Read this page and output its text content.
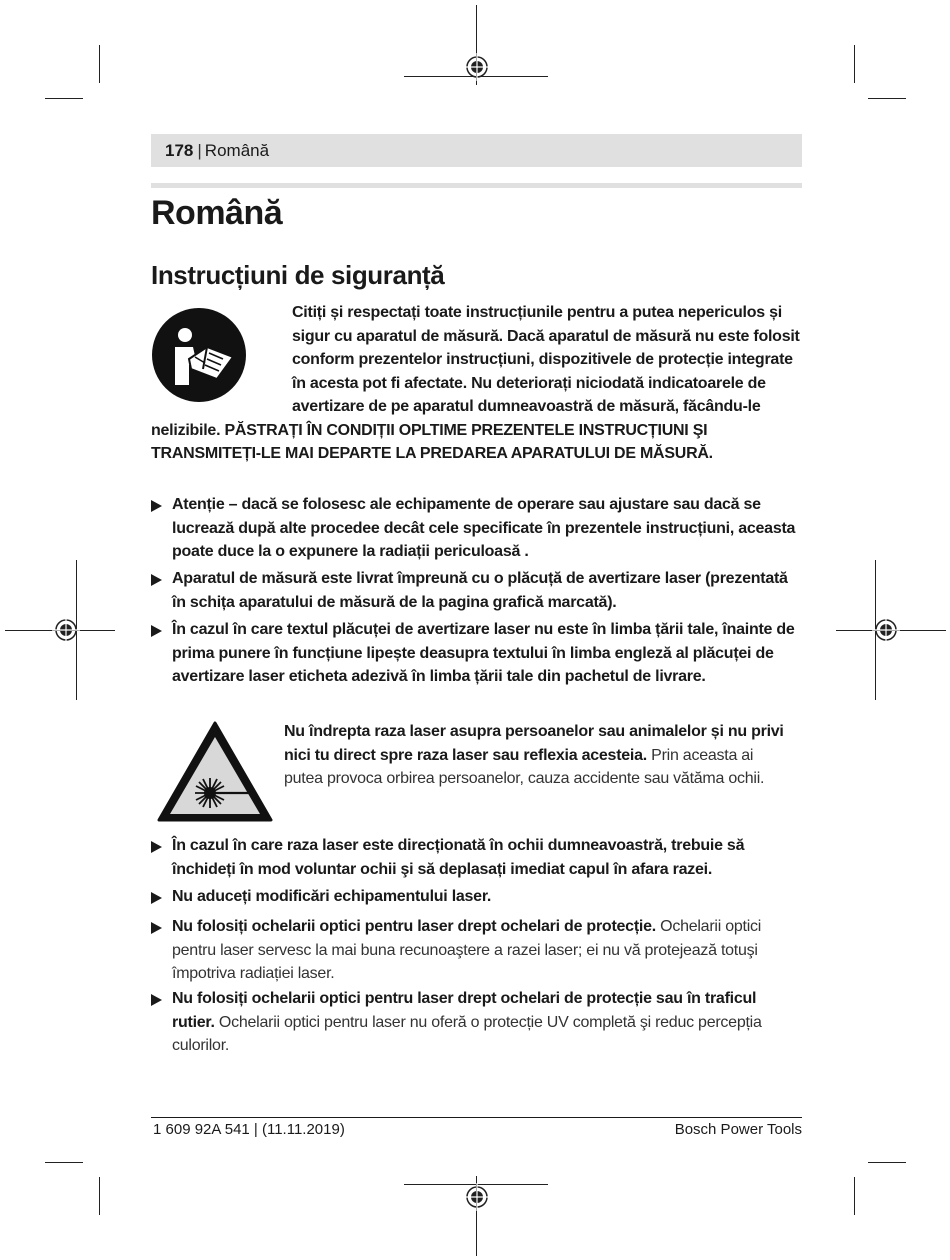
178 | Română
Română
Instrucțiuni de siguranță
Citiți și respectați toate instrucțiunile pentru a putea nepericulos și sigur cu aparatul de măsură. Dacă aparatul de măsură nu este folosit conform prezentelor instrucțiuni, dispozitivele de protecție integrate în acesta pot fi afectate. Nu deteriorați niciodată indicatoarele de avertizare de pe aparatul dumneavoastră de măsură, făcându-le nelizibile. PĂSTRAȚI ÎN CONDIȚII OPLTIME PREZENTELE INSTRUCȚIUNI ŞI TRANSMITEȚI-LE MAI DEPARTE LA PREDAREA APARATULUI DE MĂSURĂ.
Atenție – dacă se folosesc ale echipamente de operare sau ajustare sau dacă se lucrează după alte procedee decât cele specificate în prezentele instrucțiuni, aceasta poate duce la o expunere la radiații periculoasă .
Aparatul de măsură este livrat împreună cu o plăcuță de avertizare laser (prezentată în schița aparatului de măsură de la pagina grafică marcată).
În cazul în care textul plăcuței de avertizare laser nu este în limba țării tale, înainte de prima punere în funcțiune lipește deasupra textului în limba engleză al plăcuței de avertizare laser eticheta adezivă în limba țării tale din pachetul de livrare.
Nu îndrepta raza laser asupra persoanelor sau animalelor și nu privi nici tu direct spre raza laser sau reflexia acesteia. Prin aceasta ai putea provoca orbirea persoanelor, cauza accidente sau vătăma ochii.
În cazul în care raza laser este direcționată în ochii dumneavoastră, trebuie să închideți în mod voluntar ochii şi să deplasați imediat capul în afara razei.
Nu aduceți modificări echipamentului laser.
Nu folosiți ochelarii optici pentru laser drept ochelari de protecție. Ochelarii optici pentru laser servesc la mai buna recunoaştere a razei laser; ei nu vă protejează totuşi împotriva radiației laser.
Nu folosiți ochelarii optici pentru laser drept ochelari de protecție sau în traficul rutier. Ochelarii optici pentru laser nu oferă o protecție UV completă şi reduc percepția culorilor.
1 609 92A 541 | (11.11.2019)	Bosch Power Tools
